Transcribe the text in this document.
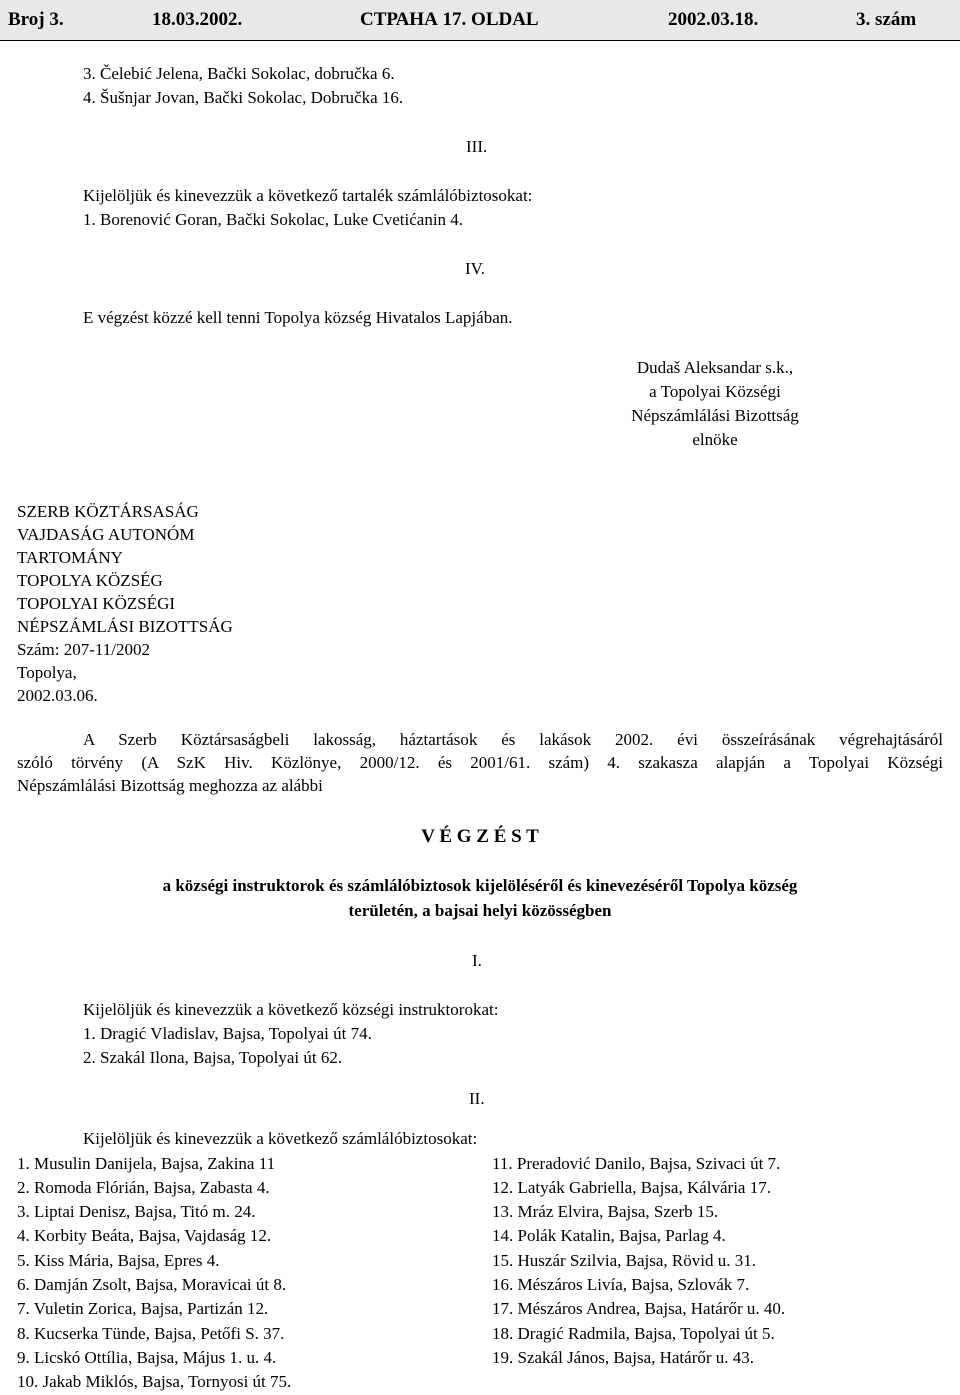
Broj 3.	18.03.2002.	СТРАНА 17. OLDAL	2002.03.18.	3. szám
3. Čelebić Jelena, Bački Sokolac, dobručka 6.
4. Šušnjar Jovan, Bački Sokolac, Dobručka 16.
III.
Kijelöljük és kinevezzük a következő tartalék számlálóbiztosokat:
1. Borenović Goran, Bački Sokolac, Luke Cvetićanin 4.
IV.
E végzést közzé kell tenni Topolya község Hivatalos Lapjában.
Dudaš Aleksandar s.k.,
a Topolyai Községi
Népszámlálási Bizottság
elnöke
SZERB KÖZTÁRSASÁG
VAJDASÁG AUTONÓM
TARTOMÁNY
TOPOLYA KÖZSÉG
TOPOLYAI KÖZSÉGI
NÉPSZÁMLÁSI BIZOTTSÁG
Szám: 207-11/2002
Topolya,
2002.03.06.
A Szerb Köztársaságbeli lakosság, háztartások és lakások 2002. évi összeírásának végrehajtásáról
szóló törvény (A SzK Hiv. Közlönye, 2000/12. és 2001/61. szám) 4. szakasza alapján a Topolyai Községi
Népszámlálási Bizottság meghozza az alábbi
V É G Z É S T
a községi instruktorok és számlálóbiztosok kijelöléséről és kinevezéséről Topolya község
területén, a bajsai helyi közösségben
I.
Kijelöljük és kinevezzük a következő községi instruktorokat:
1. Dragić Vladislav, Bajsa, Topolyai út 74.
2. Szakál Ilona, Bajsa, Topolyai út 62.
II.
Kijelöljük és kinevezzük a következő számlálóbiztosokat:
1. Musulin Danijela, Bajsa, Zakina 11
2. Romoda Flórián, Bajsa, Zabasta 4.
3. Liptai Denisz, Bajsa, Titó m. 24.
4. Korbity Beáta, Bajsa, Vajdaság 12.
5. Kiss Mária, Bajsa, Epres 4.
6. Damján Zsolt, Bajsa, Moravicai út 8.
7. Vuletin Zorica, Bajsa, Partizán 12.
8. Kucserka Tünde, Bajsa, Petőfi S. 37.
9. Licskó Ottília, Bajsa, Május 1. u. 4.
10. Jakab Miklós, Bajsa, Tornyosi út 75.
11. Preradović Danilo, Bajsa, Szivaci út 7.
12. Latyák Gabriella, Bajsa, Kálvária 17.
13. Mráz Elvira, Bajsa, Szerb 15.
14. Polák Katalin, Bajsa, Parlag 4.
15. Huszár Szilvia, Bajsa, Rövid u. 31.
16. Mészáros Livía, Bajsa, Szlovák 7.
17. Mészáros Andrea, Bajsa, Határőr u. 40.
18. Dragić Radmila, Bajsa, Topolyai út 5.
19. Szakál János, Bajsa, Határőr u. 43.
